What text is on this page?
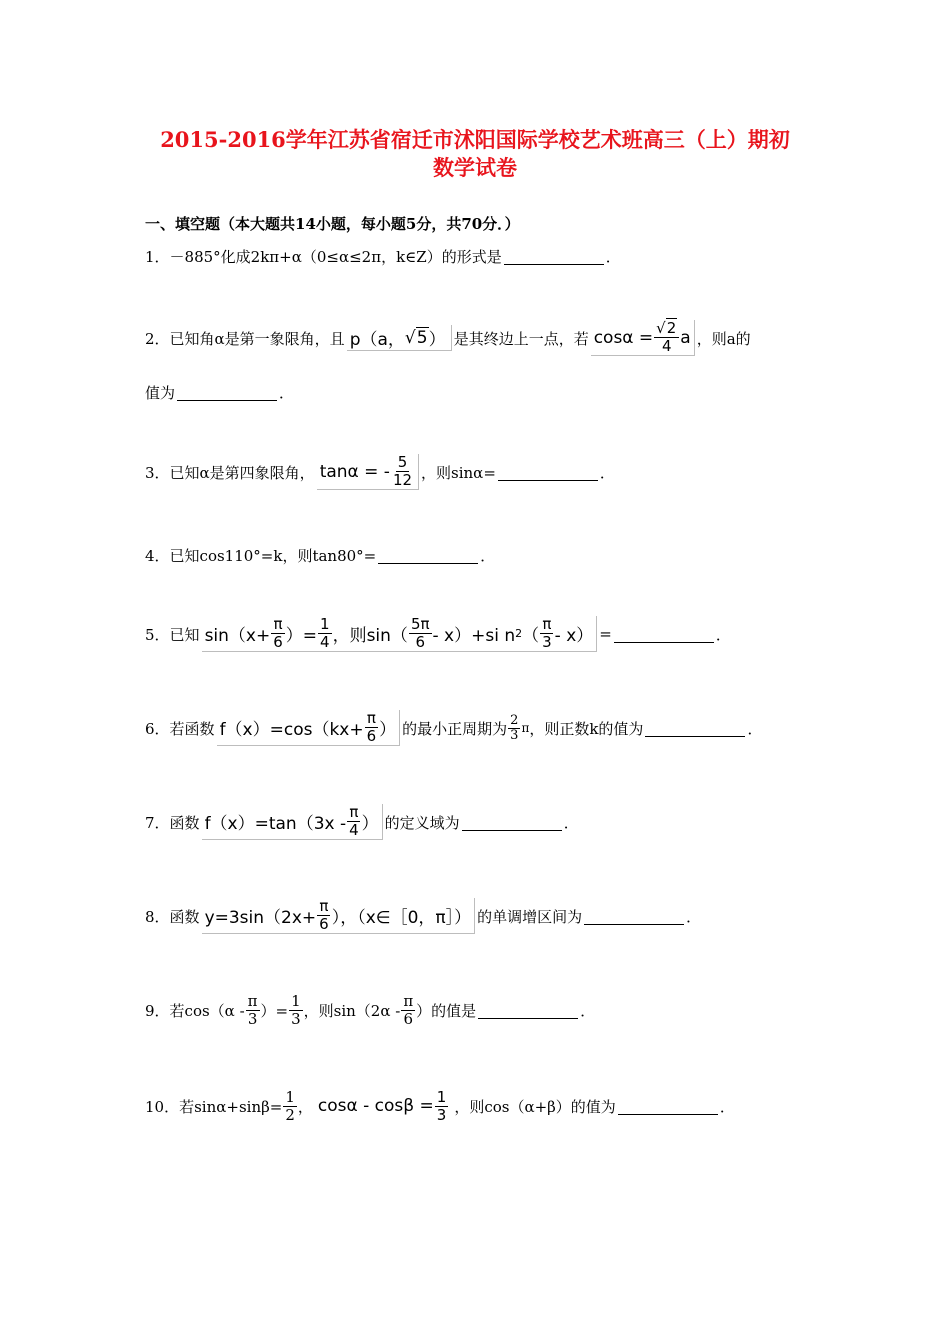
2015-2016学年江苏省宿迁市沭阳国际学校艺术班高三（上）期初
数学试卷
一、填空题（本大题共14小题，每小题5分，共70分．）
1． －885°化成2kπ+α（0≤α≤2π，k∈Z）的形式是	．
2． 已知角α是第一象限角，且 p（a， √ 5 ） 是其终边上一点，若 $\cos\alpha = \frac{√2}{4}$ a ，则a的
值为	．
3． 已知α是第四象限角， tanα = - $\frac{5}{12}$ ，则sinα=	．
4． 已知cos110°=k，则tan80°=	．
5． 已知 $\sin(x+ \frac{\pi}{6}$ ）= $\frac{1}{4}$ ，则$\sin( \frac{5\pi}{6} - x)+si$ n 2 （ $\frac{\pi}{3} - x$） =	．
6． 若函数 $f(x)=\cos(kx+ \frac{\pi}{6}$ ） 的最小正周期为 $\frac{2}{3}$ π ，则正数k的值为	．
7． 函数 $f(x)=\tan(3x - \frac{\pi}{4}$ ） 的定义域为	．
8． 函数 $y=3\sin(2x+ \frac{\pi}{6}$ ），（x∈［0，π］） 的单调增区间为	．
9． 若$\cos(\alpha - \frac{\pi}{3}$ ）= $\frac{1}{3}$ ，则$\sin(2\alpha - \frac{\pi}{6}$ ）的值是	．
10． 若$\sin\alpha+\sin\beta= \frac{1}{2}$ ， $\cos\alpha - \cos\beta = \frac{1}{3}$ ，则cos（α+β）的值为	．
